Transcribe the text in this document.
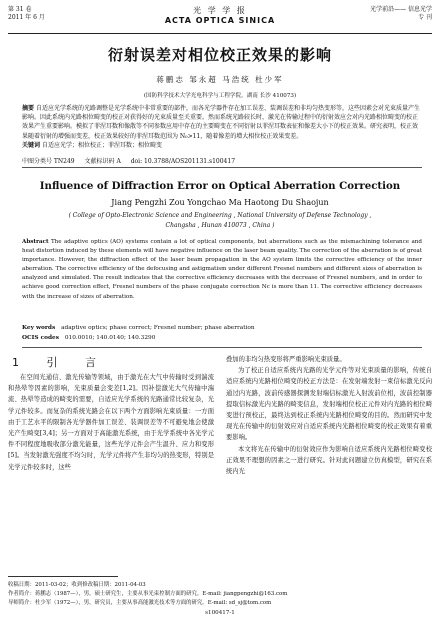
第 31 卷
2011 年 6 月
光 学 学 报
ACTA OPTICA SINICA
光学前沿—— 信息光学
专 刊
衍射误差对相位校正效果的影响
蒋鹏志 邹永超 马浩统 杜少军
(国防科学技术大学光电科学与工程学院，湖南 长沙 410073)
摘要 自适应光学系统的光路调整是光学系统中非常重要的部件，而各光学器件存在加工误差、装调误差和非均匀热变形等，这些因素会对光束质量产生影响。因此系统内光路相位畸变的校正对获得好的光束质量至关重要。然而系统光路较长时，激光在传输过程中的衍射效应会对内光路相位畸变的校正效果产生重要影响。模拟了菲涅耳数和像散等不同参数应用中存在的主要畸变在不同衍射以菲涅耳数表征和像差大小下的校正效果。研究表明，校正效果随着衍射的增强而变差，校正效果较好的菲涅耳数范围为 N₀>11，随着像差的增大相位校正效果变差。
关键词 自适应光学；相位校正；菲涅耳数；相位畸变
中图分类号 TN249 文献标识码 A doi: 10.3788/AOS201131.s100417
Influence of Diffraction Error on Optical Aberration Correction
Jiang Pengzhi Zou Yongchao Ma Haotong Du Shaojun
( College of Opto-Electronic Science and Engineering , National University of Defense Technology ,
Changsha , Hunan 410073 , China )
Abstract The adaptive optics (AO) systems contain a lot of optical components, but aberrations such as the mismachining tolerance and heat distortion induced by these elements will have negative influence on the laser beam quality. The correction of the aberration is of great importance. However, the diffraction effect of the laser beam propagation in the AO system limits the corrective efficiency of the inner aberration. The corrective efficiency of the defocusing and astigmatism under different Fresnel numbers and different sizes of aberration is analyzed and simulated. The result indicates that the corrective efficiency decreases with the decrease of Fresnel numbers, and in order to achieve good correction effect, Fresnel numbers of the phase conjugate correction Nc is more than 11. The corrective efficiency decreases with the increase of sizes of aberration.
Key words adaptive optics; phase correct; Fresnel number; phase aberration
OCIS codes 010.0010; 140.0140; 140.3290
1 引 言

在空间光通信、激光传输等领域，由于激光在大气中传输时受到湍流和热晕等因素的影响，光束质量会变差[1,2]。因补偿激光大气传输中湍流、热晕等造成的畸变的需要，自适应光学系统的光路通常比较复杂，光学元件较多。而复杂的系统光路会在以下两个方面影响光束质量：一方面由于工艺水平的限制各光学器件加工误差、装调误差等不可避免地会使激光产生畸变[3,4]；另一方面对于高能激光系统，由于光学系统中各光学元件不同程度地吸收部分激光能量，这些光学元件会产生温升、应力和变形[5]。当发射激光强度不均匀时，光学元件将产生非均匀的热变形，特别是光学元件较多时，这些

叠加的非均匀热变形将严重影响光束质量。

为了校正自适应系统内光路的光学元件等对光束质量的影响，传统自适应系统内光路相位畸变的校正方法是：在发射端发射一束信标激光反向通过内光路，波前传感器探测发射端信标激光入射波前位相，波前控制器提取信标激光内光路的畸变信息，发射端相位校正元件对内光路的相位畸变进行预校正，最终达到校正系统内光路相位畸变的目的。然而研究中发现光在传输中的衍射效应对自适应系统内光路相位畸变的校正效果有着重要影响。

本文将光在传输中的衍射效应作为影响自适应系统内光路相位畸变校正效果不理想的因素之一进行研究。针对此问题建立仿真模型，研究在系统内光

收稿日期：2011-03-02；收到修改稿日期：2011-04-03
作者简介：蒋鹏志（1987—），男，硕士研究生，主要从事光束控制方面的研究。E-mail: jiangpengzhi@163.com
导师简介：杜少军（1972—），男，研究员，主要从事高能激光技术等方面的研究。E-mail: sd_sj@tom.com
s100417-1
